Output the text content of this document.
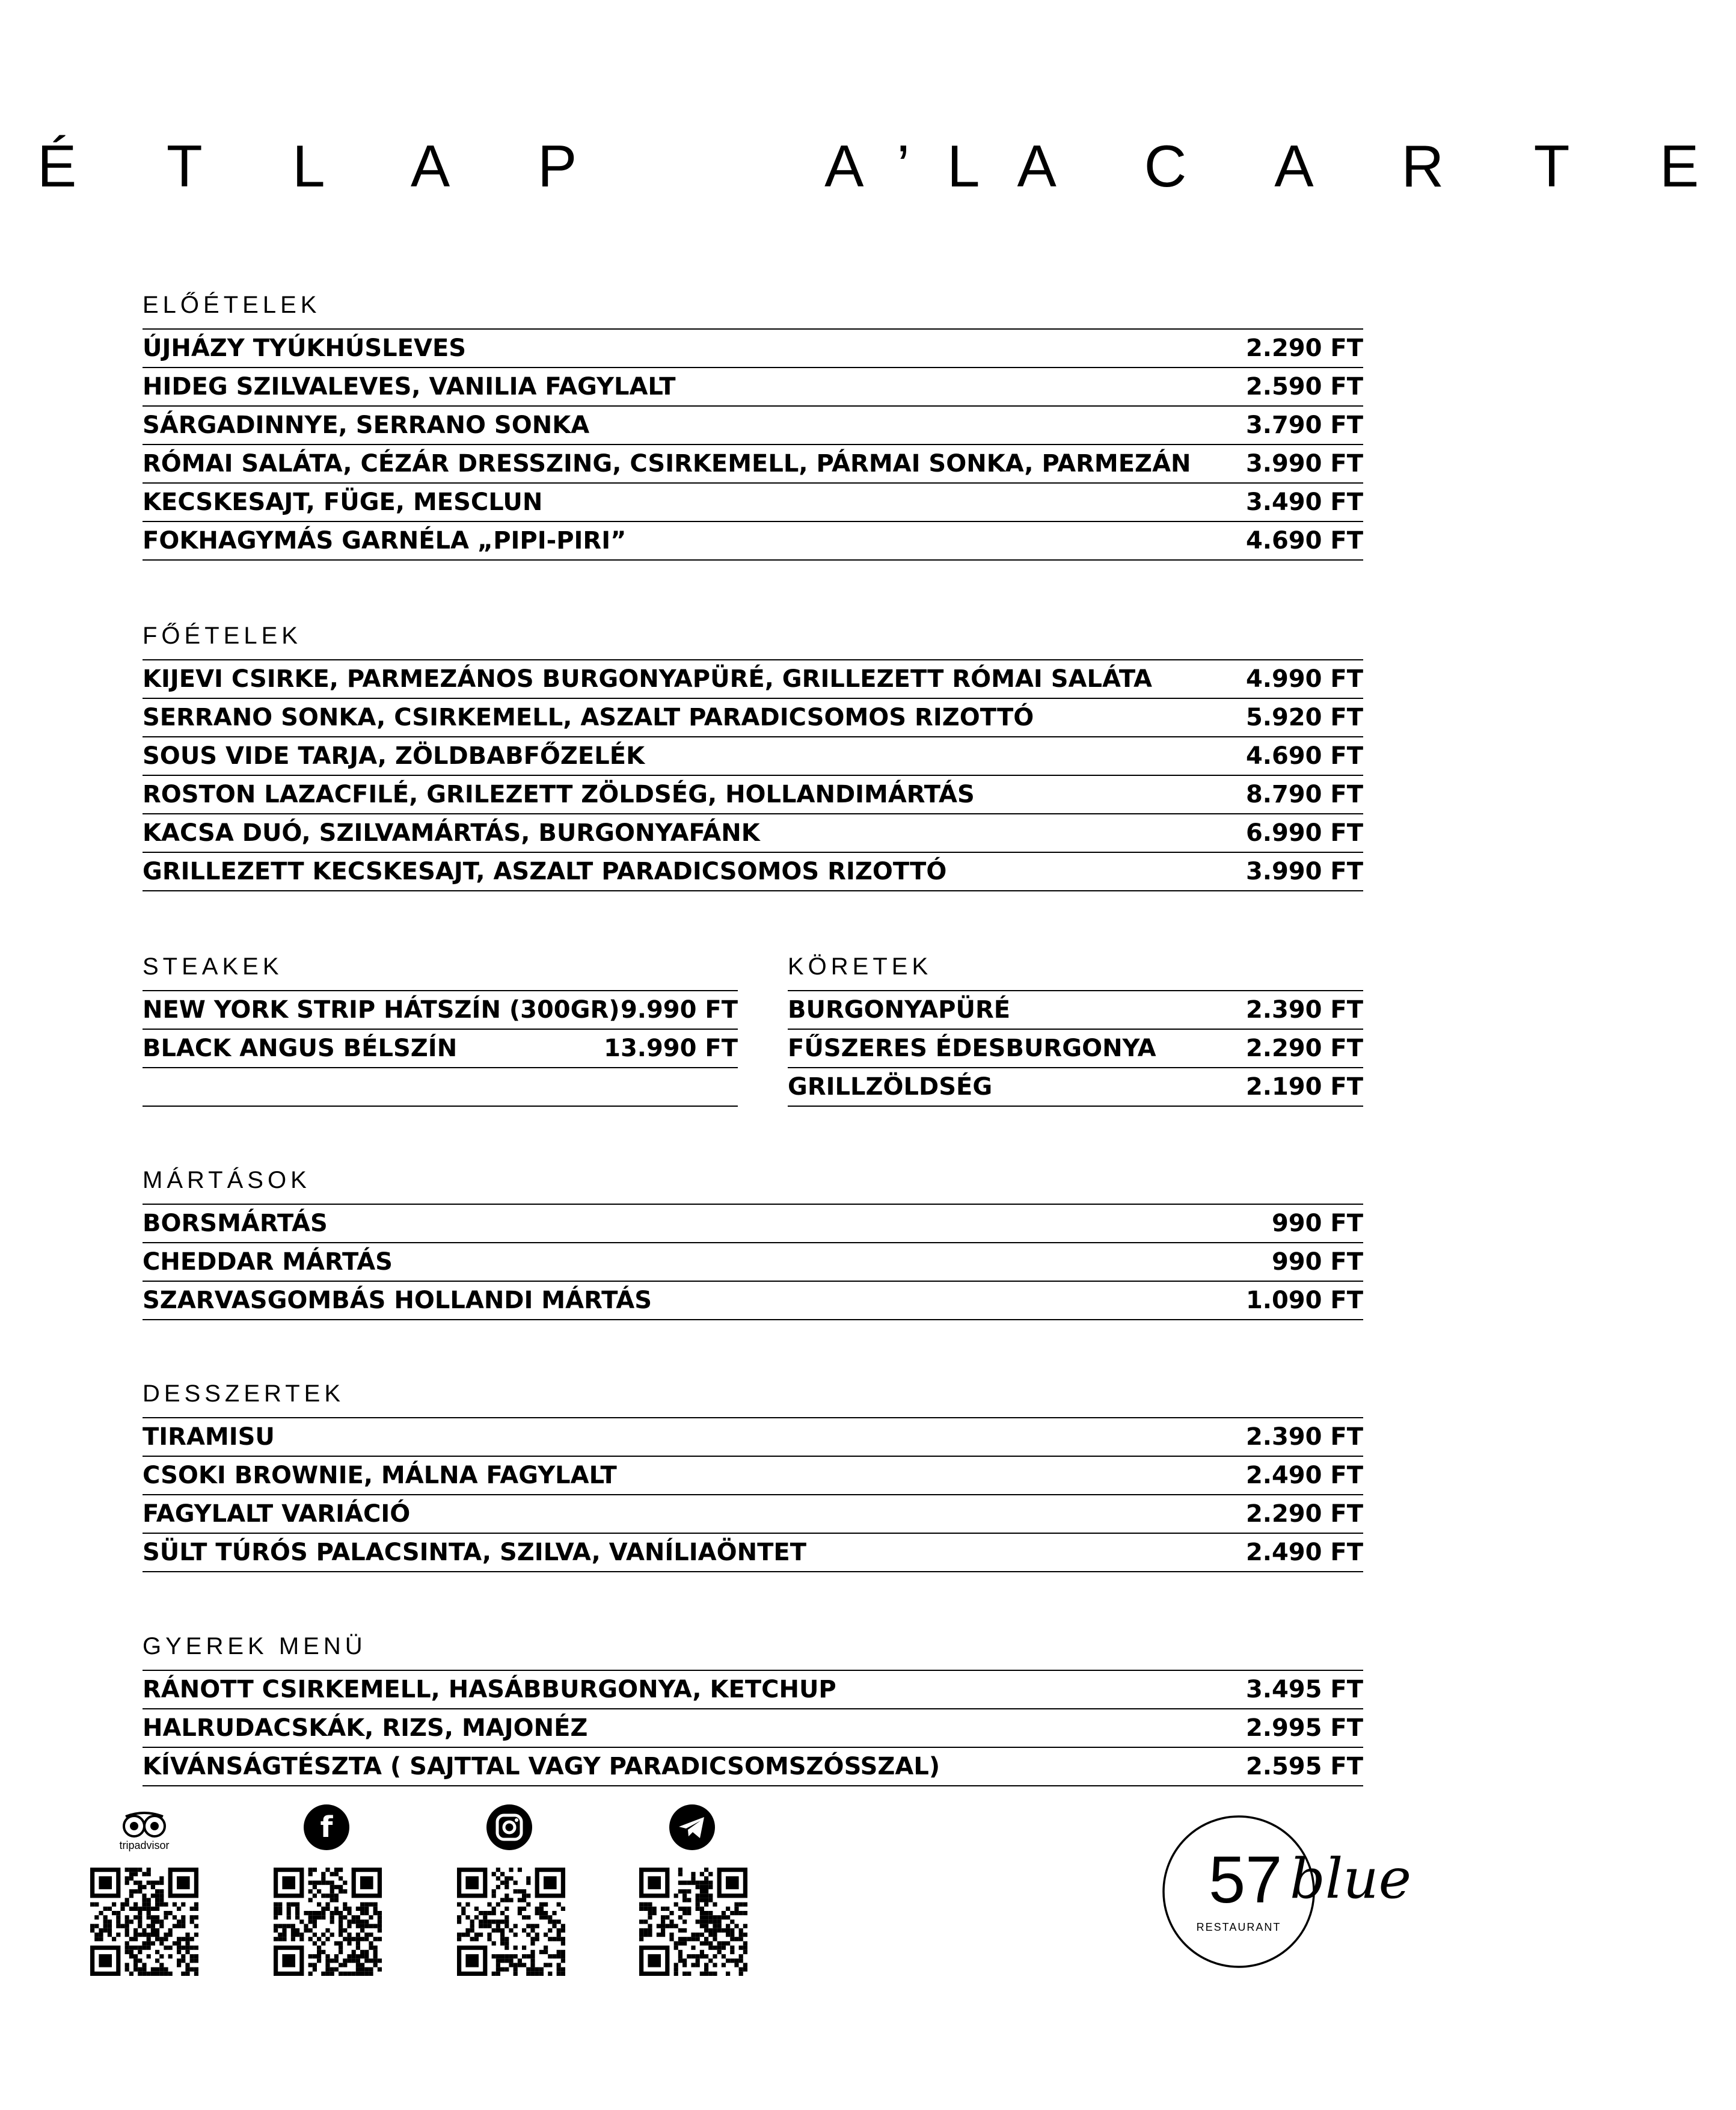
É T L A P    A’LA C A R T E
ELŐÉTELEK
ÚJHÁZY TYÚKHÚSLEVES	2.290 FT
HIDEG SZILVALEVES, VANILIA FAGYLALT	2.590 FT
SÁRGADINNYE, SERRANO SONKA	3.790 FT
RÓMAI SALÁTA, CÉZÁR DRESSZING, CSIRKEMELL, PÁRMAI SONKA, PARMEZÁN 3.990 FT
KECSKESAJT, FÜGE, MESCLUN	3.490 FT
FOKHAGYMÁS GARNÉLA „PIPI-PIRI”	4.690 FT
FŐÉTELEK
KIJEVI CSIRKE, PARMEZÁNOS BURGONYAPÜRÉ, GRILLEZETT RÓMAI SALÁTA	4.990 FT
SERRANO SONKA, CSIRKEMELL, ASZALT PARADICSOMOS RIZOTTÓ	5.920 FT
SOUS VIDE TARJA, ZÖLDBABFŐZELÉK	4.690 FT
ROSTON LAZACFILÉ, GRILEZETT ZÖLDSÉG, HOLLANDIMÁRTÁS	8.790 FT
KACSA DUÓ, SZILVAMÁRTÁS, BURGONYAFÁNK	6.990 FT
GRILLEZETT KECSKESAJT, ASZALT PARADICSOMOS RIZOTTÓ	3.990 FT
STEAKEK
NEW YORK STRIP HÁTSZÍN (300GR) 9.990 FT
BLACK ANGUS BÉLSZÍN	13.990 FT
KÖRETEK
BURGONYAPÜRÉ	2.390 FT
FŰSZERES ÉDESBURGONYA	2.290 FT
GRILLZÖLDSÉG	2.190 FT
MÁRTÁSOK
BORSMÁRTÁS	990 FT
CHEDDAR MÁRTÁS	990 FT
SZARVASGOMBÁS HOLLANDI MÁRTÁS	1.090 FT
DESSZERTEK
TIRAMISU	2.390 FT
CSOKI BROWNIE, MÁLNA FAGYLALT	2.490 FT
FAGYLALT VARIÁCIÓ	2.290 FT
SÜLT TÚRÓS PALACSINTA, SZILVA, VANÍLIAÖNTET	2.490 FT
GYEREK MENÜ
RÁNOTT CSIRKEMELL, HASÁBBURGONYA, KETCHUP	3.495 FT
HALRUDACSKÁK, RIZS, MAJONÉZ	2.995 FT
KÍVÁNSÁGTÉSZTA ( SAJTTAL VAGY PARADICSOMSZÓSSZAL)	2.595 FT
tripadvisor
f
57 blue
RESTAURANT
